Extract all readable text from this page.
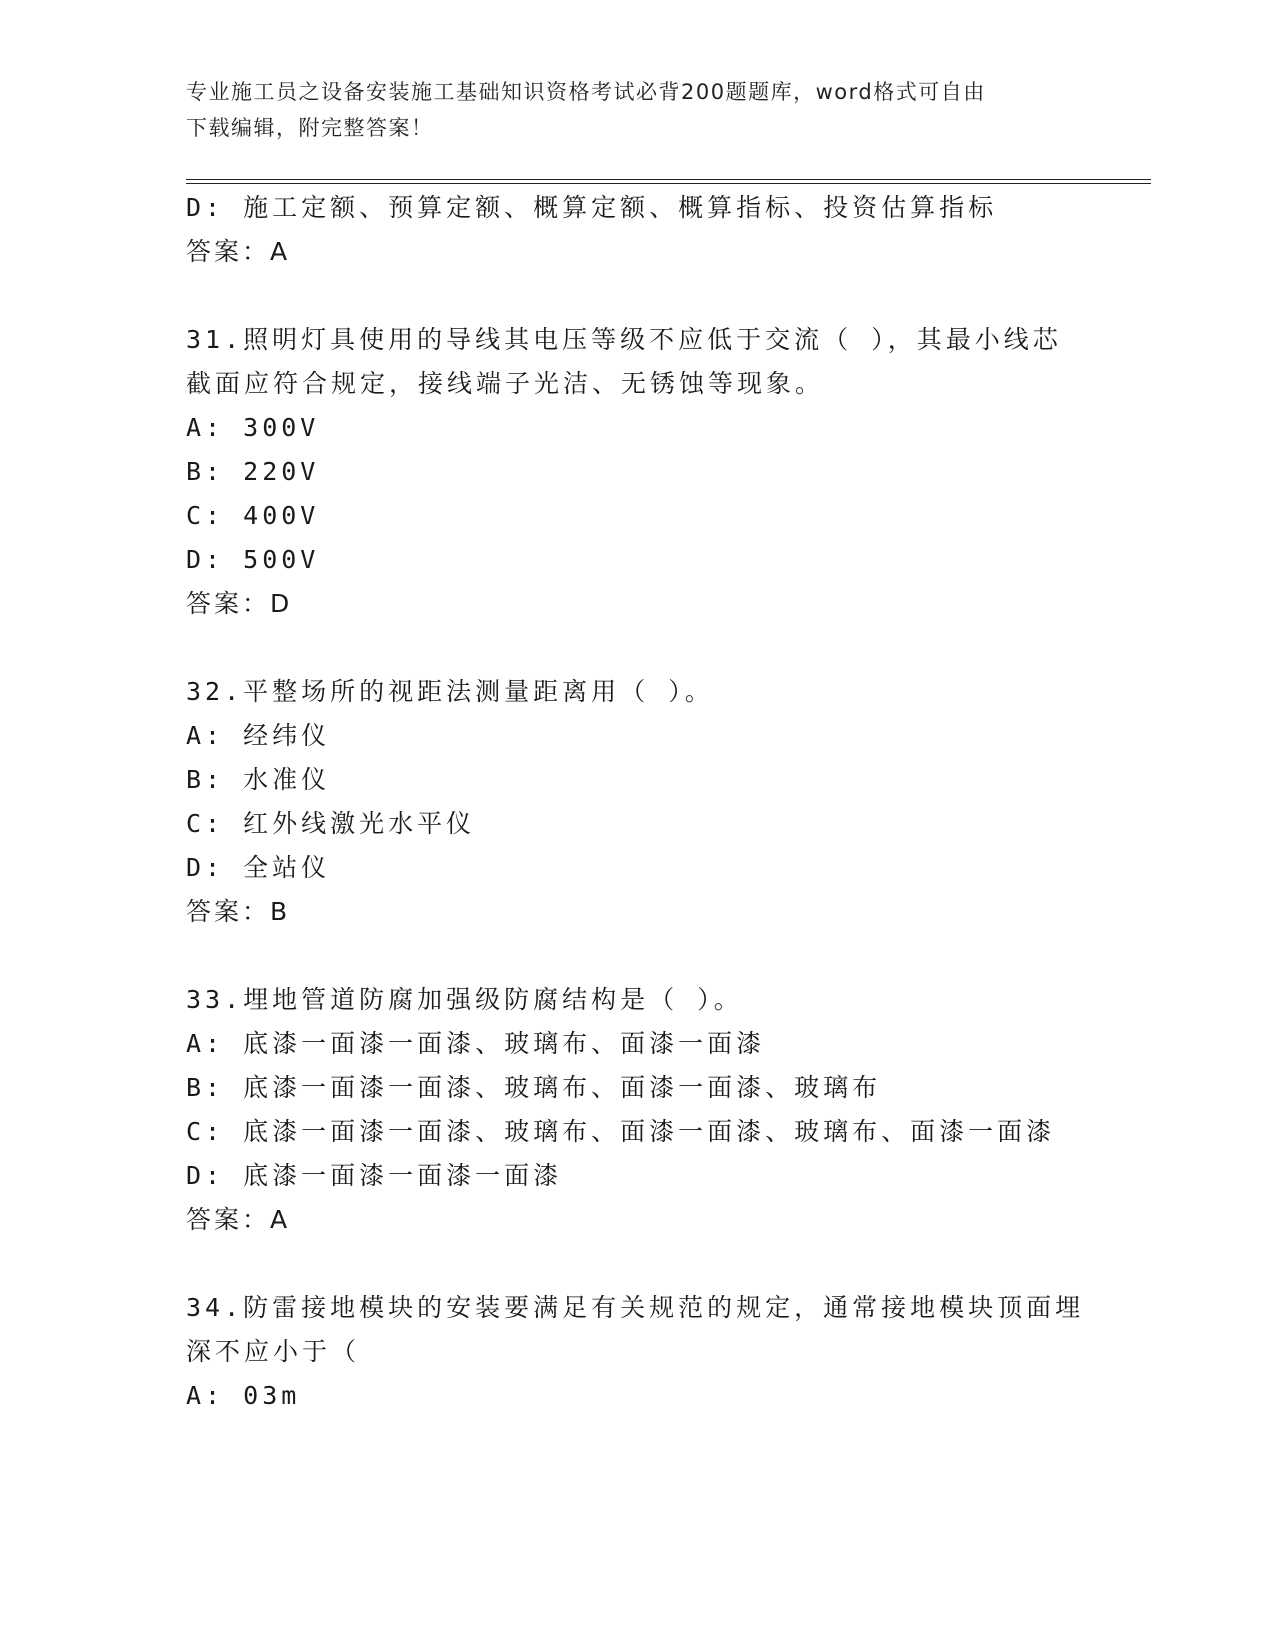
专业施工员之设备安装施工基础知识资格考试必背200题题库，word格式可自由
下载编辑，附完整答案！
D: 施工定额、预算定额、概算定额、概算指标、投资估算指标
答案：A
31.照明灯具使用的导线其电压等级不应低于交流（ ），其最小线芯
截面应符合规定，接线端子光洁、无锈蚀等现象。
A: 300V
B: 220V
C: 400V
D: 500V
答案：D
32.平整场所的视距法测量距离用（ ）。
A: 经纬仪
B: 水准仪
C: 红外线激光水平仪
D: 全站仪
答案：B
33.埋地管道防腐加强级防腐结构是（ ）。
A: 底漆一面漆一面漆、玻璃布、面漆一面漆
B: 底漆一面漆一面漆、玻璃布、面漆一面漆、玻璃布
C: 底漆一面漆一面漆、玻璃布、面漆一面漆、玻璃布、面漆一面漆
D: 底漆一面漆一面漆一面漆
答案：A
34.防雷接地模块的安装要满足有关规范的规定，通常接地模块顶面埋
深不应小于（
A: 03m
